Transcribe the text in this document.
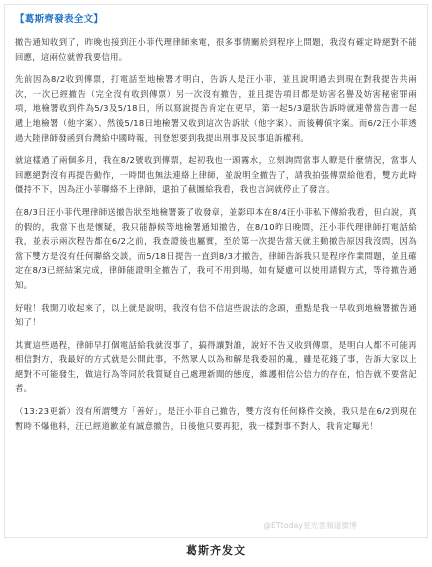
【葛斯齊發表全文】

撤告通知收到了，昨晚也接到汪小菲代理律師來電，很多事情關於到程序上問題，我沒有確定時絕對不能回應，這兩位就曾我要信用。

先前因為8/2收到傳票，打電話至地檢署才明白，告訴人是汪小菲，並且說明過去到現在對我提告共兩次，一次已經撤告（完全沒有收到傳票）另一次沒有撤告，並且提告項目都是妨害名譽及妨害秘密罪兩項，地檢署收到件為5/3及5/18日，所以寫說提告肯定在更早，第一起5/3還狀告訴時就連帶當告書一起遞上地檢署（他字案）、然後5/18日地檢署又收到這次告訴狀（他字案）、而後轉偵字案。而6/2汪小菲透過大陸律師發函到台灣給中國時報，刊登恕要到我提出刑事及民事追訴權利。

就這樣過了兩個多月，我在8/2號收到傳票，起初我也一頭霧水，立刻詢問當事人瞭是什麼情況，當事人回應絕對沒有再提告動作，一時間也無法連絡上律師，並說明全撤告了，請我拍張傳票給他看，雙方此時僵持不下，因為汪小菲聯絡不上律師，還拍了截圖給我看，我也言詞就停止了發言。

在8/3日汪小菲代理律師送撤告狀至地檢署簽了收發章，並影印本在8/4汪小菲私下傳給我看，但白說，真的假的，我當下也是懷疑，我只能靜候等地檢署通知撤告，在8/10昨日晚間，汪小菲代理律師打電話給我，並表示兩次程告都在6/2之前，我查證後也屬實，至於第一次提告當天就主動撤告原因我沒問，因為當下雙方是沒有任何聯絡交談，而5/18日提告一直到8/3才撤告，律師告訴我只是程序作業問題，並且確定在8/3已經結案完成，律師能證明全撤告了，我可不用到場，如有疑慮可以使用請假方式，等待撤告通知。

好啦！我開刀收起來了，以上就是說明，我沒有信不信這些說法的念頭，重點是我一早收到地檢署撤告通知了！

其實這些過程，律師早打個電話給我就沒事了，搞得讓對誰，說好不告又收到傳票，是明白人都不可能再相信對方，我最好的方式就是公開此事，不然眾人以為和解是我委屈的亂，雖是花錢了事，告訴大家以上絕對不可能發生，做這行為等同於我質疑自己處理新聞的態度，維護相信公信力的存在，怕告就不要當記者。

（13:23更新）沒有所謂雙方「善好」，是汪小菲自己撤告，雙方沒有任何條件交換，我只是在6/2到現在暫時不爆他料，汪已經道歉並有誠意撤告，日後他只要再犯，我一樣對事不對人，我肯定曝光！

@ETtoday星光雲頻道微博
葛斯齐发文
